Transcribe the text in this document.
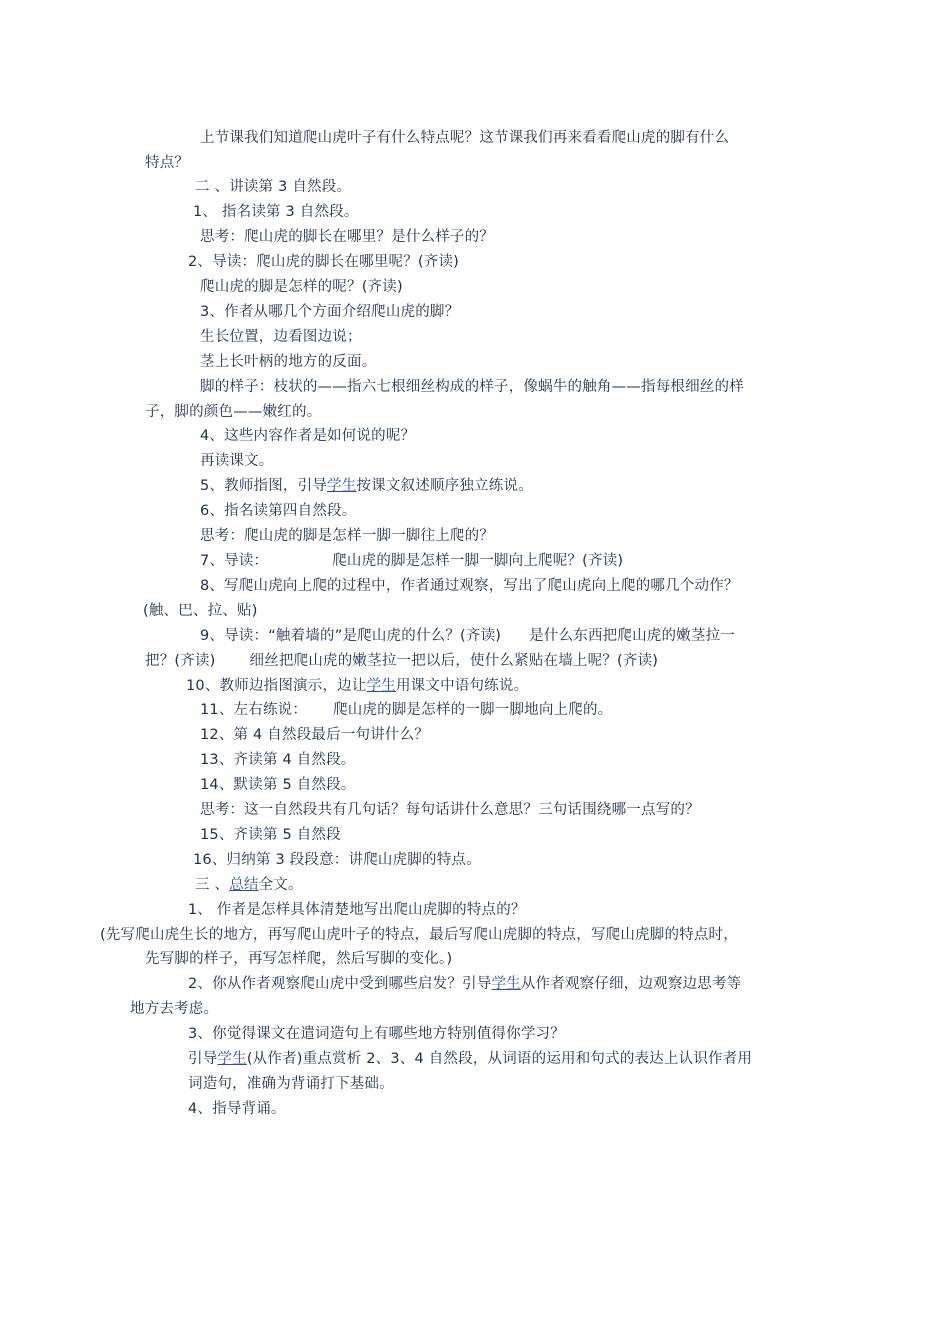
上节课我们知道爬山虎叶子有什么特点呢？这节课我们再来看看爬山虎的脚有什么
特点？
二 、讲读第 3 自然段。
1、 指名读第 3 自然段。
思考：爬山虎的脚长在哪里？是什么样子的？
2、导读：爬山虎的脚长在哪里呢？(齐读)
爬山虎的脚是怎样的呢？(齐读)
3、作者从哪几个方面介绍爬山虎的脚？
生长位置，边看图边说；
茎上长叶柄的地方的反面。
脚的样子：枝状的——指六七根细丝构成的样子，像蜗牛的触角——指每根细丝的样
子，脚的颜色——嫩红的。
4、这些内容作者是如何说的呢？
再读课文。
5、教师指图，引导学生按课文叙述顺序独立练说。
6、指名读第四自然段。
思考：爬山虎的脚是怎样一脚一脚往上爬的？
7、导读：	爬山虎的脚是怎样一脚一脚向上爬呢？(齐读)
8、写爬山虎向上爬的过程中，作者通过观察，写出了爬山虎向上爬的哪几个动作？
(触、巴、拉、贴)
9、导读：“触着墙的”是爬山虎的什么？(齐读) 是什么东西把爬山虎的嫩茎拉一
把？(齐读) 细丝把爬山虎的嫩茎拉一把以后，使什么紧贴在墙上呢？(齐读)
10、教师边指图演示，边让学生用课文中语句练说。
11、左右练说： 爬山虎的脚是怎样的一脚一脚地向上爬的。
12、第 4 自然段最后一句讲什么？
13、齐读第 4 自然段。
14、默读第 5 自然段。
思考：这一自然段共有几句话？每句话讲什么意思？三句话围绕哪一点写的？
15、齐读第 5 自然段
16、归纳第 3 段段意：讲爬山虎脚的特点。
三 、总结全文。
1、 作者是怎样具体清楚地写出爬山虎脚的特点的？
(先写爬山虎生长的地方，再写爬山虎叶子的特点，最后写爬山虎脚的特点，写爬山虎脚的特点时，
先写脚的样子，再写怎样爬，然后写脚的变化。)
2、你从作者观察爬山虎中受到哪些启发？引导学生从作者观察仔细，边观察边思考等
地方去考虑。
3、你觉得课文在遣词造句上有哪些地方特别值得你学习？
引导学生(从作者)重点赏析 2、3、4 自然段，从词语的运用和句式的表达上认识作者用
词造句，准确为背诵打下基础。
4、指导背诵。
